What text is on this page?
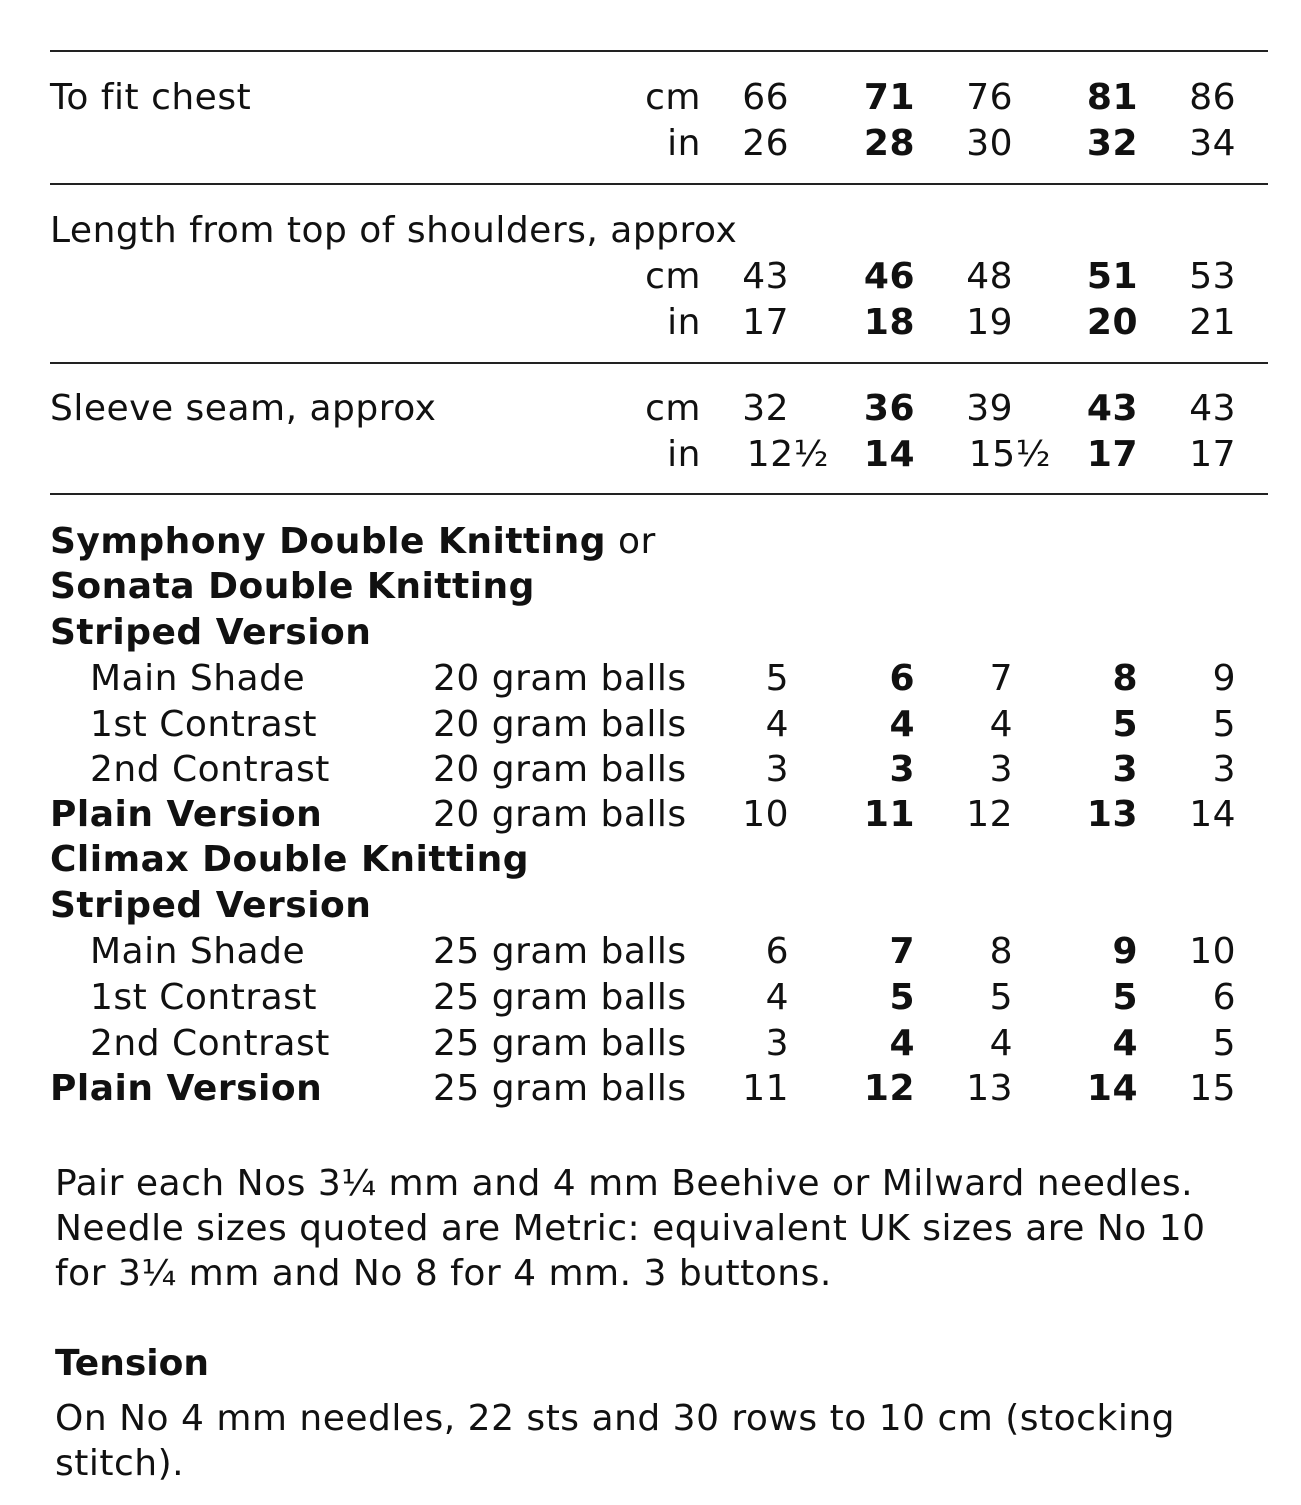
To fit chest	cm 66 71 76 81 86
in 26 28 30 32 34
Length from top of shoulders, approx
cm 43 46 48 51 53
in 17 18 19 20 21
Sleeve seam, approx	cm 32 36 39 43 43
in 12½ 14 15½ 17 17
Symphony Double Knitting or
Sonata Double Knitting
Striped Version
Main Shade	20 gram balls 5	6 7	8 9
1st Contrast	20 gram balls 4	4 4	5 5
2nd Contrast	20 gram balls 3	3 3	3 3
Plain Version	20 gram balls 10 11 12 13 14
Climax Double Knitting
Striped Version
Main Shade	25 gram balls 6	7 8	9 10
1st Contrast	25 gram balls 4	5 5	5 6
2nd Contrast	25 gram balls 3	4 4	4 5
Plain Version	25 gram balls 11 12 13 14 15
Pair each Nos 3¼ mm and 4 mm Beehive or Milward needles.
Needle sizes quoted are Metric: equivalent UK sizes are No 10
for 3¼ mm and No 8 for 4 mm. 3 buttons.
Tension
On No 4 mm needles, 22 sts and 30 rows to 10 cm (stocking
stitch).
